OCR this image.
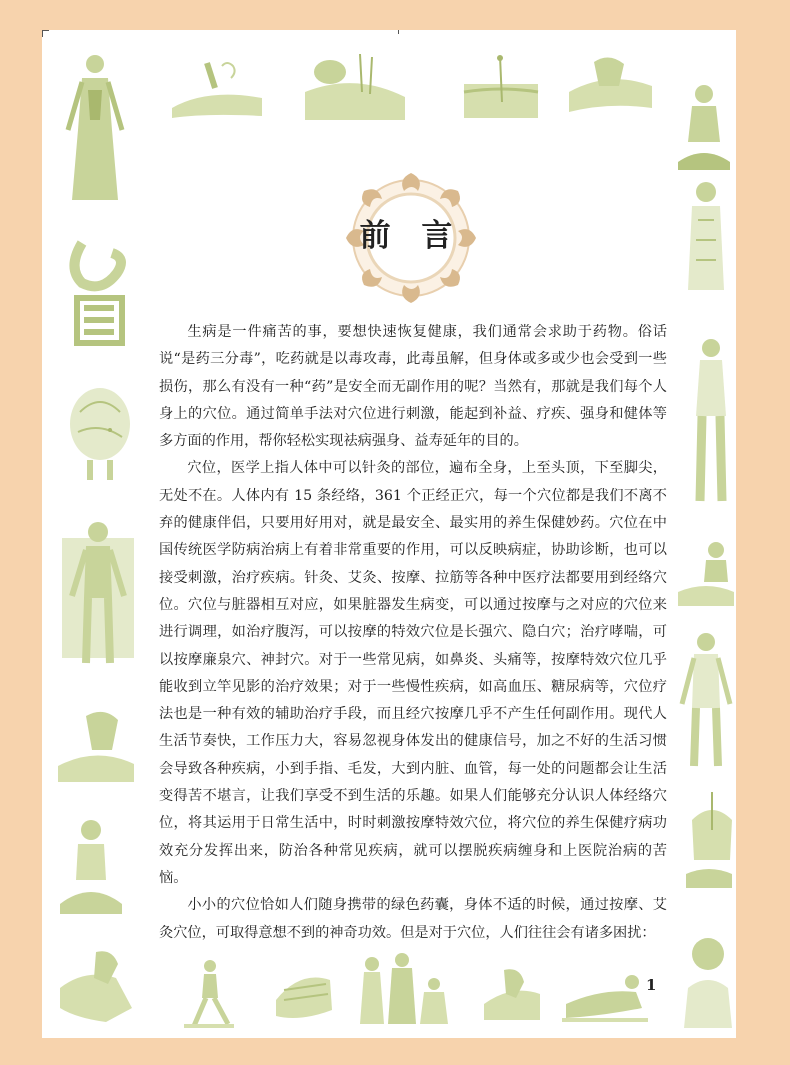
前 言

生病是一件痛苦的事，要想快速恢复健康，我们通常会求助于药物。俗话说“是药三分毒”，吃药就是以毒攻毒，此毒虽解，但身体或多或少也会受到一些损伤，那么有没有一种“药”是安全而无副作用的呢？当然有，那就是我们每个人身上的穴位。通过简单手法对穴位进行刺激，能起到补益、疗疾、强身和健体等多方面的作用，帮你轻松实现祛病强身、益寿延年的目的。

穴位，医学上指人体中可以针灸的部位，遍布全身，上至头顶，下至脚尖，无处不在。人体内有 15 条经络，361 个正经正穴，每一个穴位都是我们不离不弃的健康伴侣，只要用好用对，就是最安全、最实用的养生保健妙药。穴位在中国传统医学防病治病上有着非常重要的作用，可以反映病症，协助诊断，也可以接受刺激，治疗疾病。针灸、艾灸、按摩、拉筋等各种中医疗法都要用到经络穴位。穴位与脏器相互对应，如果脏器发生病变，可以通过按摩与之对应的穴位来进行调理，如治疗腹泻，可以按摩的特效穴位是长强穴、隐白穴；治疗哮喘，可以按摩廉泉穴、神封穴。对于一些常见病，如鼻炎、头痛等，按摩特效穴位几乎能收到立竿见影的治疗效果；对于一些慢性疾病，如高血压、糖尿病等，穴位疗法也是一种有效的辅助治疗手段，而且经穴按摩几乎不产生任何副作用。现代人生活节奏快，工作压力大，容易忽视身体发出的健康信号，加之不好的生活习惯会导致各种疾病，小到手指、毛发，大到内脏、血管，每一处的问题都会让生活变得苦不堪言，让我们享受不到生活的乐趣。如果人们能够充分认识人体经络穴位，将其运用于日常生活中，时时刺激按摩特效穴位，将穴位的养生保健疗病功效充分发挥出来，防治各种常见疾病，就可以摆脱疾病缠身和上医院治病的苦恼。

小小的穴位恰如人们随身携带的绿色药囊，身体不适的时候，通过按摩、艾灸穴位，可取得意想不到的神奇功效。但是对于穴位，人们往往会有诸多困扰：

1
